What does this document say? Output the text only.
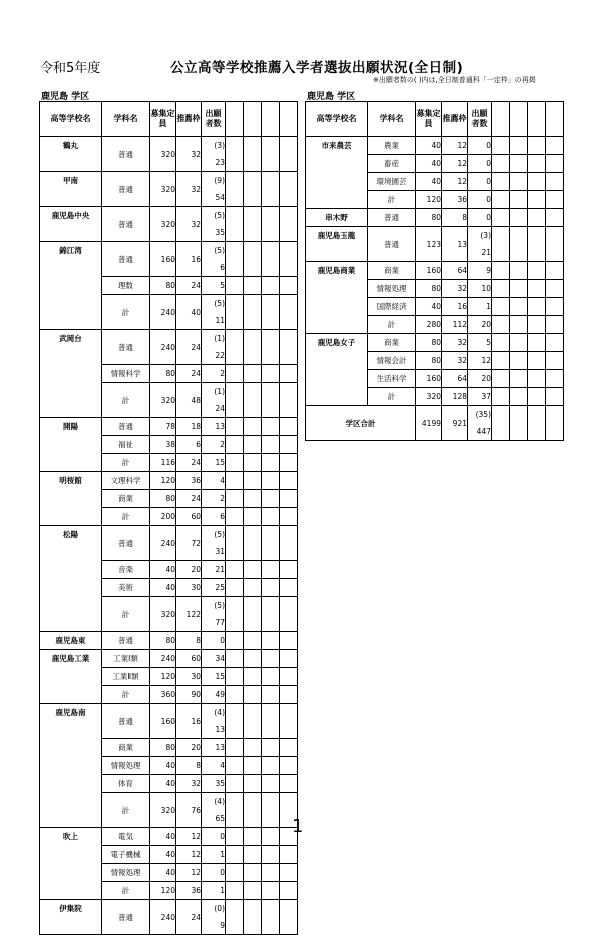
令和5年度	公立高等学校推薦入学者選抜出願状況(全日制)
※出願者数の( )内は,全日制普通科「一定枠」の再掲
鹿児島 学区	鹿児島 学区
高等学校名	学科名	募集定員	推薦枠	出願者数				
鶴丸	普通	320	32	(3)
23				

甲南	普通	320	32	(9)
54				

鹿児島中央	普通	320	32	(5)
35				

錦江湾	普通	160	16	(5)
6				

	理数	80	24	5				

	計	240	40	(5)
11				

武岡台	普通	240	24	(1)
22				

	情報科学	80	24	2				

	計	320	48	(1)
24				

開陽	普通	78	18	13				

	福祉	38	6	2				

	計	116	24	15				

明桜館	文理科学	120	36	4				

	商業	80	24	2				

	計	200	60	6				

松陽	普通	240	72	(5)
31				

	音楽	40	20	21				

	美術	40	30	25				

	計	320	122	(5)
77				

鹿児島東	普通	80	8	0				

鹿児島工業	工業Ⅰ類	240	60	34				

	工業Ⅱ類	120	30	15				

	計	360	90	49				

鹿児島南	普通	160	16	(4)
13				

	商業	80	20	13				

	情報処理	40	8	4				

	体育	40	32	35				

	計	320	76	(4)
65				

吹上	電気	40	12	0				

	電子機械	40	12	1				

	情報処理	40	12	0				

	計	120	36	1				

伊集院	普通	240	24	(0)
9				

高等学校名	学科名	募集定員	推薦枠	出願者数				
市来農芸	農業	40	12	0				

	畜産	40	12	0				

	環境園芸	40	12	0				

	計	120	36	0				

串木野	普通	80	8	0				

鹿児島玉龍	普通	123	13	(3)
21				

鹿児島商業	商業	160	64	9				

	情報処理	80	32	10				

	国際経済	40	16	1				

	計	280	112	20				

鹿児島女子	商業	80	32	5				

	情報会計	80	32	12				

	生活科学	160	64	20				

	計	320	128	37				

学区合計		4199	921	(35)
447				

1
